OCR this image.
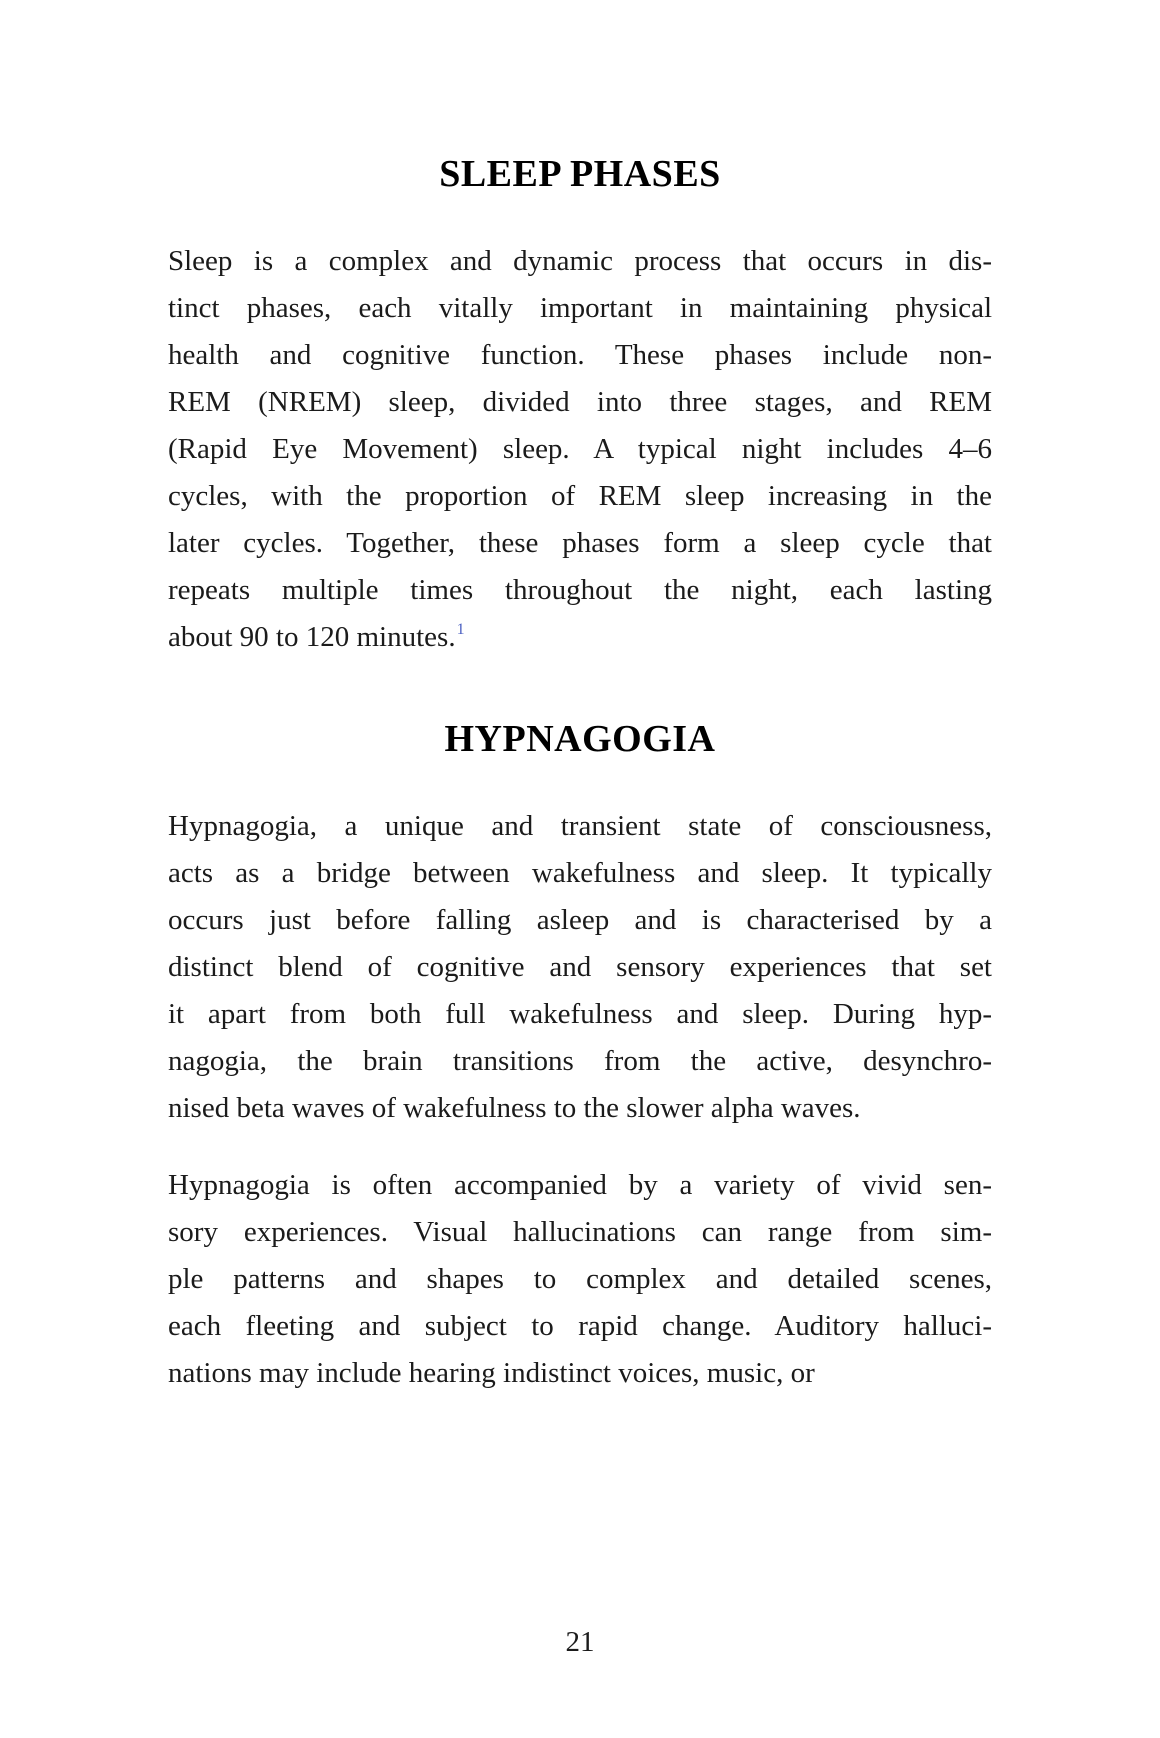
SLEEP PHASES
Sleep is a complex and dynamic process that occurs in dis-
tinct phases, each vitally important in maintaining physical
health and cognitive function. These phases include non-
REM (NREM) sleep, divided into three stages, and REM
(Rapid Eye Movement) sleep. A typical night includes 4–6
cycles, with the proportion of REM sleep increasing in the
later cycles. Together, these phases form a sleep cycle that
repeats multiple times throughout the night, each lasting
about 90 to 120 minutes.$^1$
HYPNAGOGIA
Hypnagogia, a unique and transient state of consciousness,
acts as a bridge between wakefulness and sleep. It typically
occurs just before falling asleep and is characterised by a
distinct blend of cognitive and sensory experiences that set
it apart from both full wakefulness and sleep. During hyp-
nagogia, the brain transitions from the active, desynchro-
nised beta waves of wakefulness to the slower alpha waves.
Hypnagogia is often accompanied by a variety of vivid sen-
sory experiences. Visual hallucinations can range from sim-
ple patterns and shapes to complex and detailed scenes,
each fleeting and subject to rapid change. Auditory halluci-
nations may include hearing indistinct voices, music, or
21
